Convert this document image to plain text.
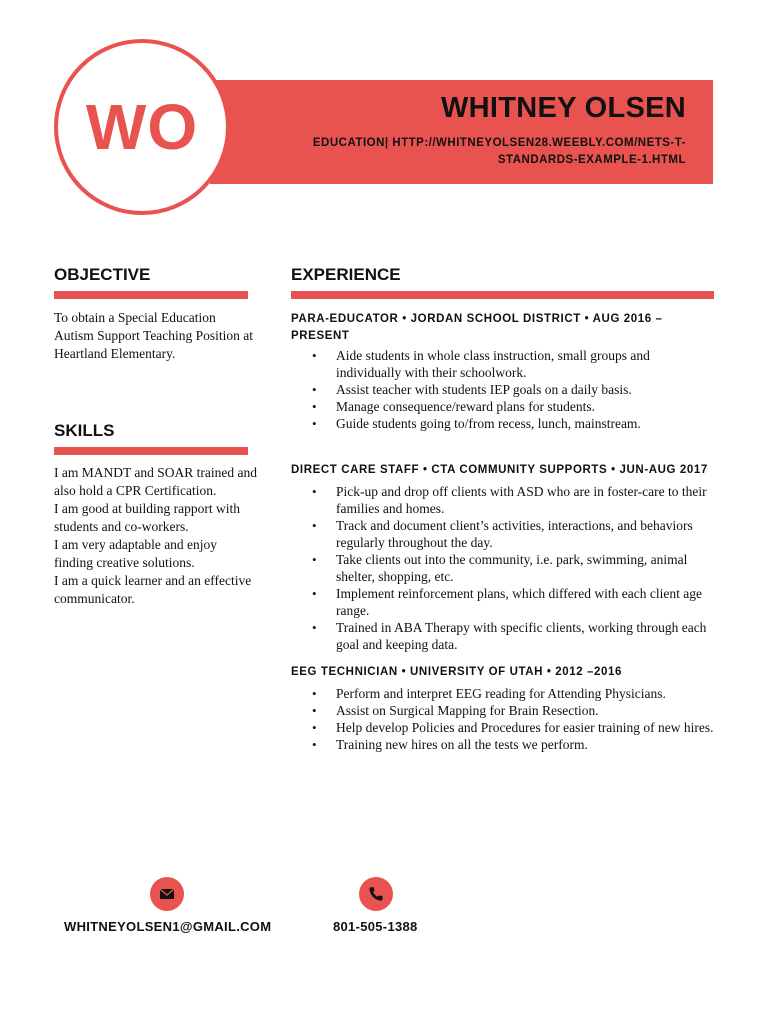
WHITNEY OLSEN
EDUCATION| HTTP://WHITNEYOLSEN28.WEEBLY.COM/NETS-T-STANDARDS-EXAMPLE-1.HTML
WO
OBJECTIVE
To obtain a Special Education Autism Support Teaching Position at Heartland Elementary.
SKILLS
I am MANDT and SOAR trained and also hold a CPR Certification.
I am good at building rapport with students and co-workers.
I am very adaptable and enjoy finding creative solutions.
I am a quick learner and an effective communicator.
EXPERIENCE
PARA-EDUCATOR • JORDAN SCHOOL DISTRICT • AUG 2016 – PRESENT
• Aide students in whole class instruction, small groups and individually with their schoolwork.
• Assist teacher with students IEP goals on a daily basis.
• Manage consequence/reward plans for students.
• Guide students going to/from recess, lunch, mainstream.
DIRECT CARE STAFF • CTA COMMUNITY SUPPORTS • JUN-AUG 2017
• Pick-up and drop off clients with ASD who are in foster-care to their families and homes.
• Track and document client’s activities, interactions, and behaviors regularly throughout the day.
• Take clients out into the community, i.e. park, swimming, animal shelter, shopping, etc.
• Implement reinforcement plans, which differed with each client age range.
• Trained in ABA Therapy with specific clients, working through each goal and keeping data.
EEG TECHNICIAN • UNIVERSITY OF UTAH • 2012 –2016
• Perform and interpret EEG reading for Attending Physicians.
• Assist on Surgical Mapping for Brain Resection.
• Help develop Policies and Procedures for easier training of new hires.
• Training new hires on all the tests we perform.
WHITNEYOLSEN1@GMAIL.COM	801-505-1388
